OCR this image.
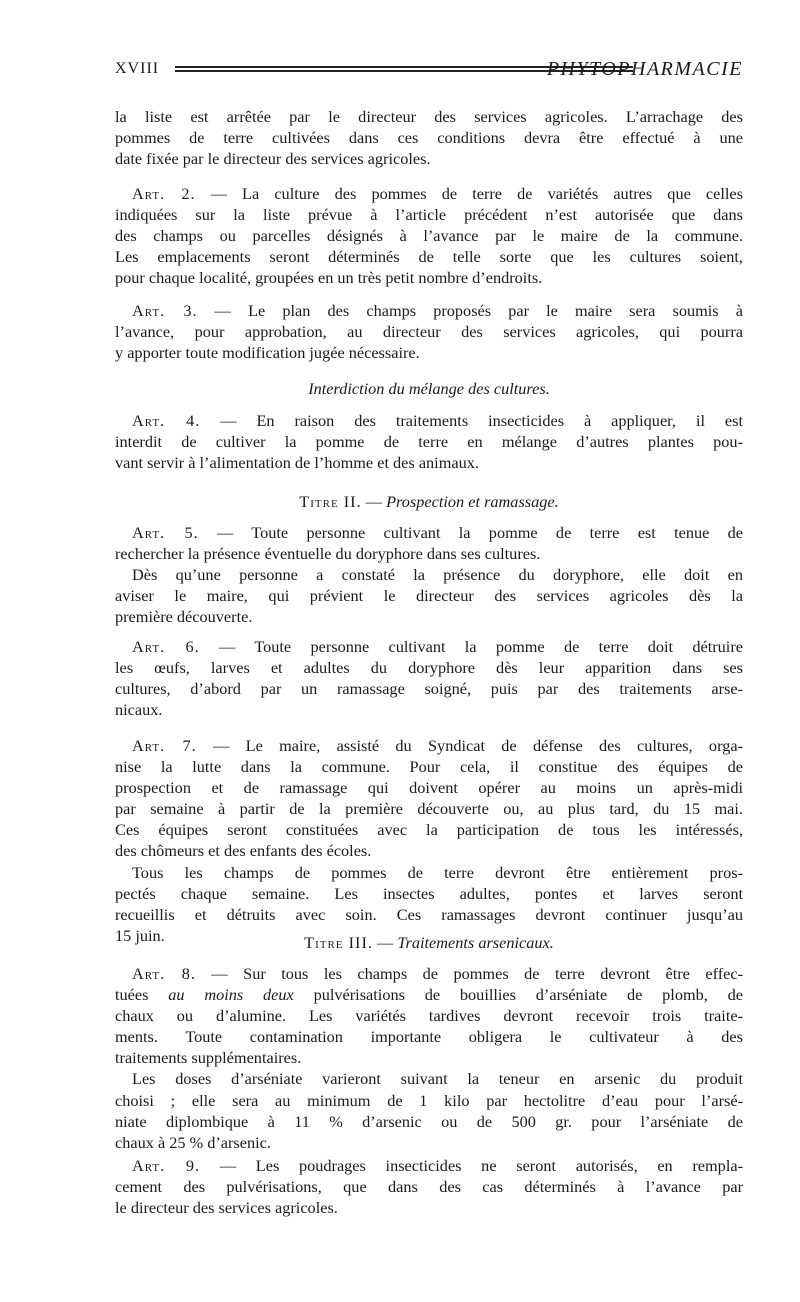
XVIII	PHYTOPHARMACIE
la liste est arrêtée par le directeur des services agricoles. L’arrachage des
pommes de terre cultivées dans ces conditions devra être effectué à une
date fixée par le directeur des services agricoles.
Art. 2. — La culture des pommes de terre de variétés autres que celles
indiquées sur la liste prévue à l’article précédent n’est autorisée que dans
des champs ou parcelles désignés à l’avance par le maire de la commune.
Les emplacements seront déterminés de telle sorte que les cultures soient,
pour chaque localité, groupées en un très petit nombre d’endroits.
Art. 3. — Le plan des champs proposés par le maire sera soumis à
l’avance, pour approbation, au directeur des services agricoles, qui pourra
y apporter toute modification jugée nécessaire.
Interdiction du mélange des cultures.
Art. 4. — En raison des traitements insecticides à appliquer, il est
interdit de cultiver la pomme de terre en mélange d’autres plantes pou-
vant servir à l’alimentation de l’homme et des animaux.
Titre II. — Prospection et ramassage.
Art. 5. — Toute personne cultivant la pomme de terre est tenue de
rechercher la présence éventuelle du doryphore dans ses cultures.
Dès qu’une personne a constaté la présence du doryphore, elle doit en
aviser le maire, qui prévient le directeur des services agricoles dès la
première découverte.
Art. 6. — Toute personne cultivant la pomme de terre doit détruire
les œufs, larves et adultes du doryphore dès leur apparition dans ses
cultures, d’abord par un ramassage soigné, puis par des traitements arse-
nicaux.
Art. 7. — Le maire, assisté du Syndicat de défense des cultures, orga-
nise la lutte dans la commune. Pour cela, il constitue des équipes de
prospection et de ramassage qui doivent opérer au moins un après-midi
par semaine à partir de la première découverte ou, au plus tard, du 15 mai.
Ces équipes seront constituées avec la participation de tous les intéressés,
des chômeurs et des enfants des écoles.
Tous les champs de pommes de terre devront être entièrement pros-
pectés chaque semaine. Les insectes adultes, pontes et larves seront
recueillis et détruits avec soin. Ces ramassages devront continuer jusqu’au
15 juin.	Titre III. — Traitements arsenicaux.
Art. 8. — Sur tous les champs de pommes de terre devront être effec-
tuées au moins deux pulvérisations de bouillies d’arséniate de plomb, de
chaux ou d’alumine. Les variétés tardives devront recevoir trois traite-
ments. Toute contamination importante obligera le cultivateur à des
traitements supplémentaires.
Les doses d’arséniate varieront suivant la teneur en arsenic du produit
choisi ; elle sera au minimum de 1 kilo par hectolitre d’eau pour l’arsé-
niate diplombique à 11 % d’arsenic ou de 500 gr. pour l’arséniate de
chaux à 25 % d’arsenic.
Art. 9. — Les poudrages insecticides ne seront autorisés, en rempla-
cement des pulvérisations, que dans des cas déterminés à l’avance par
le directeur des services agricoles.
